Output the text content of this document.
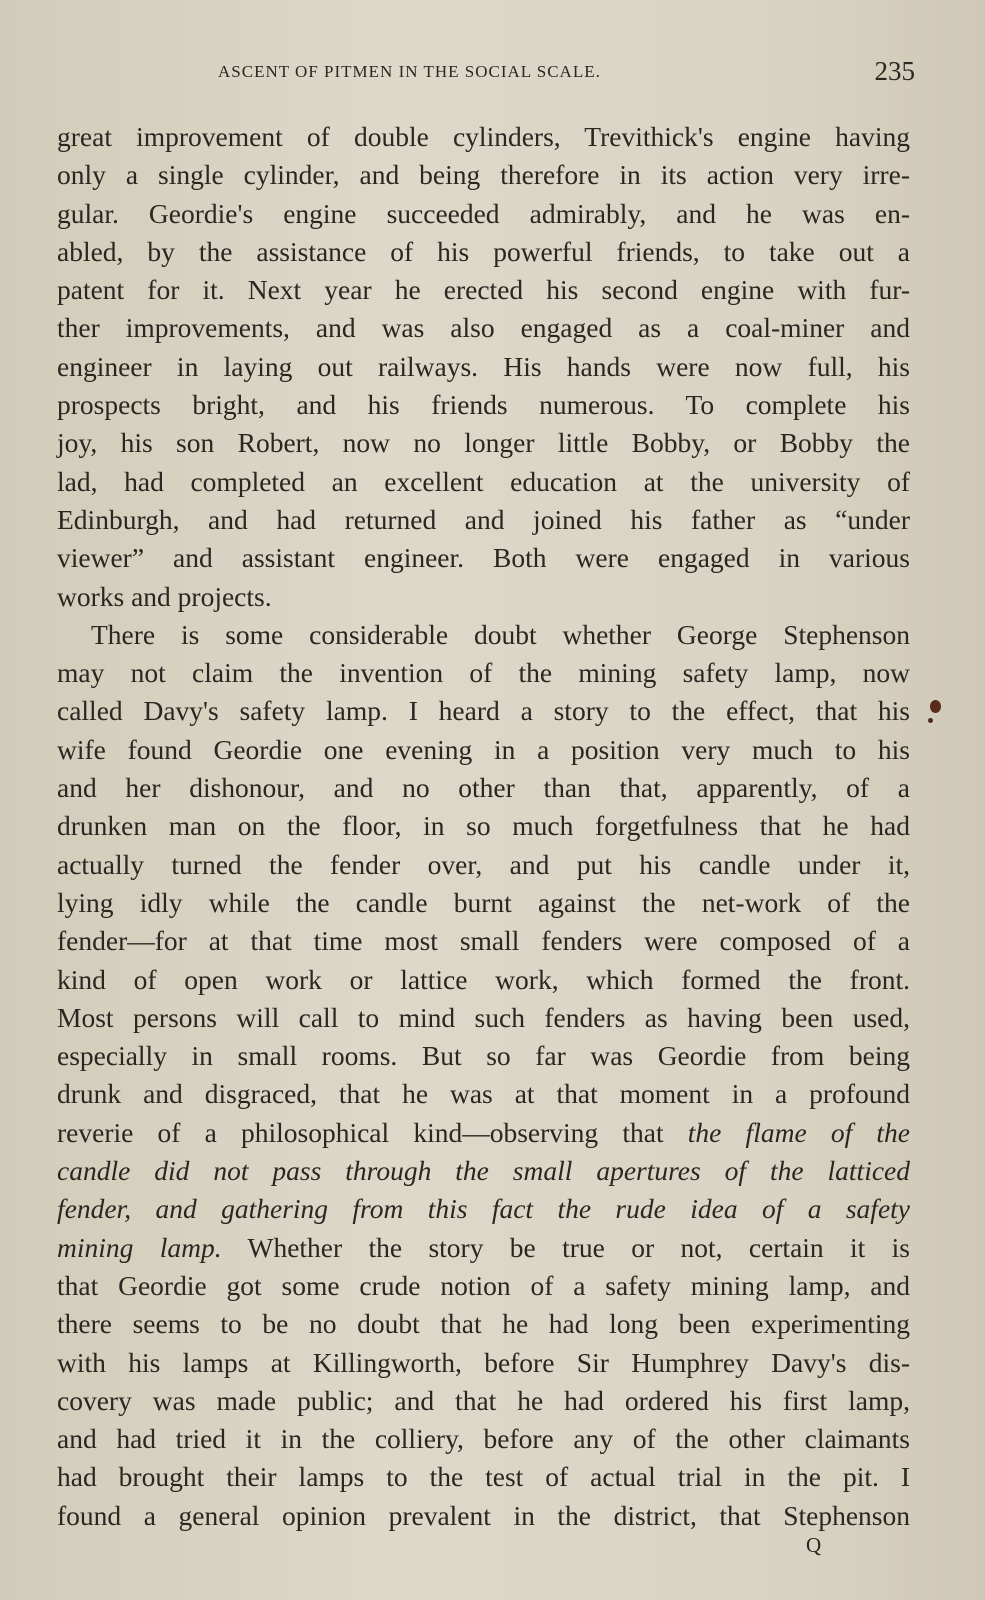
ASCENT OF PITMEN IN THE SOCIAL SCALE.	235
great improvement of double cylinders, Trevithick's engine having
only a single cylinder, and being therefore in its action very irre-
gular. Geordie's engine succeeded admirably, and he was en-
abled, by the assistance of his powerful friends, to take out a
patent for it. Next year he erected his second engine with fur-
ther improvements, and was also engaged as a coal-miner and
engineer in laying out railways. His hands were now full, his
prospects bright, and his friends numerous. To complete his
joy, his son Robert, now no longer little Bobby, or Bobby the
lad, had completed an excellent education at the university of
Edinburgh, and had returned and joined his father as “under
viewer” and assistant engineer. Both were engaged in various
works and projects.
There is some considerable doubt whether George Stephenson
may not claim the invention of the mining safety lamp, now
called Davy's safety lamp. I heard a story to the effect, that his
wife found Geordie one evening in a position very much to his
and her dishonour, and no other than that, apparently, of a
drunken man on the floor, in so much forgetfulness that he had
actually turned the fender over, and put his candle under it,
lying idly while the candle burnt against the net-work of the
fender—for at that time most small fenders were composed of a
kind of open work or lattice work, which formed the front.
Most persons will call to mind such fenders as having been used,
especially in small rooms. But so far was Geordie from being
drunk and disgraced, that he was at that moment in a profound
reverie of a philosophical kind—observing that the flame of the
candle did not pass through the small apertures of the latticed
fender, and gathering from this fact the rude idea of a safety
mining lamp. Whether the story be true or not, certain it is
that Geordie got some crude notion of a safety mining lamp, and
there seems to be no doubt that he had long been experimenting
with his lamps at Killingworth, before Sir Humphrey Davy's dis-
covery was made public; and that he had ordered his first lamp,
and had tried it in the colliery, before any of the other claimants
had brought their lamps to the test of actual trial in the pit. I
found a general opinion prevalent in the district, that Stephenson
Q
